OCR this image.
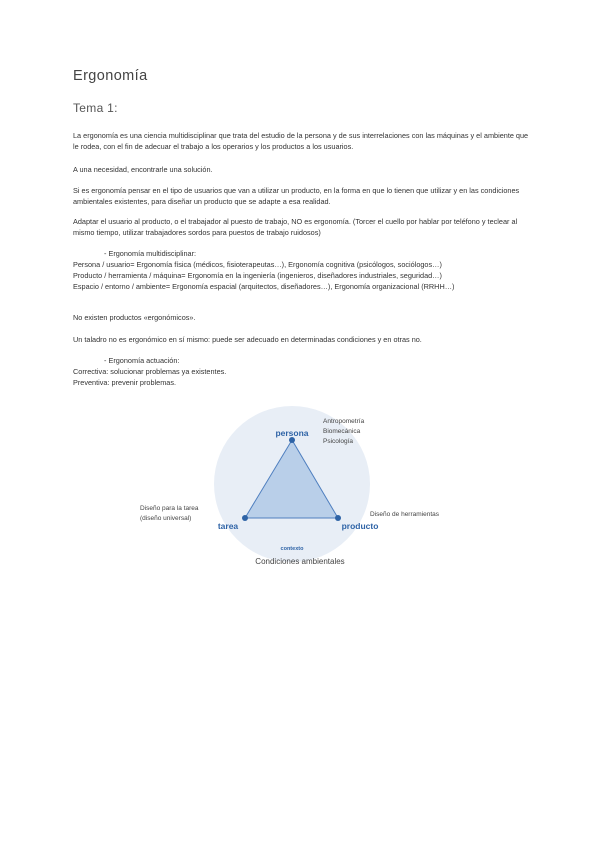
Ergonomía
Tema 1:

La ergonomía es una ciencia multidisciplinar que trata del estudio de la persona y de sus interrelaciones con las máquinas y el ambiente que le rodea, con el fin de adecuar el trabajo a los operarios y los productos a los usuarios.

A una necesidad, encontrarle una solución.

Si es ergonomía pensar en el tipo de usuarios que van a utilizar un producto, en la forma en que lo tienen que utilizar y en las condiciones ambientales existentes, para diseñar un producto que se adapte a esa realidad.

Adaptar el usuario al producto, o el trabajador al puesto de trabajo, NO es ergonomía. (Torcer el cuello por hablar por teléfono y teclear al mismo tiempo, utilizar trabajadores sordos para puestos de trabajo ruidosos)

- Ergonomía multidisciplinar:

Persona / usuario= Ergonomía física (médicos, fisioterapeutas…), Ergonomía cognitiva (psicólogos, sociólogos…)

Producto / herramienta / máquina= Ergonomía en la ingeniería (ingenieros, diseñadores industriales, seguridad…)

Espacio / entorno / ambiente= Ergonomía espacial (arquitectos, diseñadores…), Ergonomía organizacional (RRHH…)

No existen productos «ergonómicos».

Un taladro no es ergonómico en sí mismo: puede ser adecuado en determinadas condiciones y en otras no.

- Ergonomía actuación:

Correctiva: solucionar problemas ya existentes.

Preventiva: prevenir problemas.

persona
tarea	producto
contexto
Condiciones ambientales
Antropometría
Biomecánica
Psicología
Diseño para la tarea
(diseño universal)
Diseño de herramientas
